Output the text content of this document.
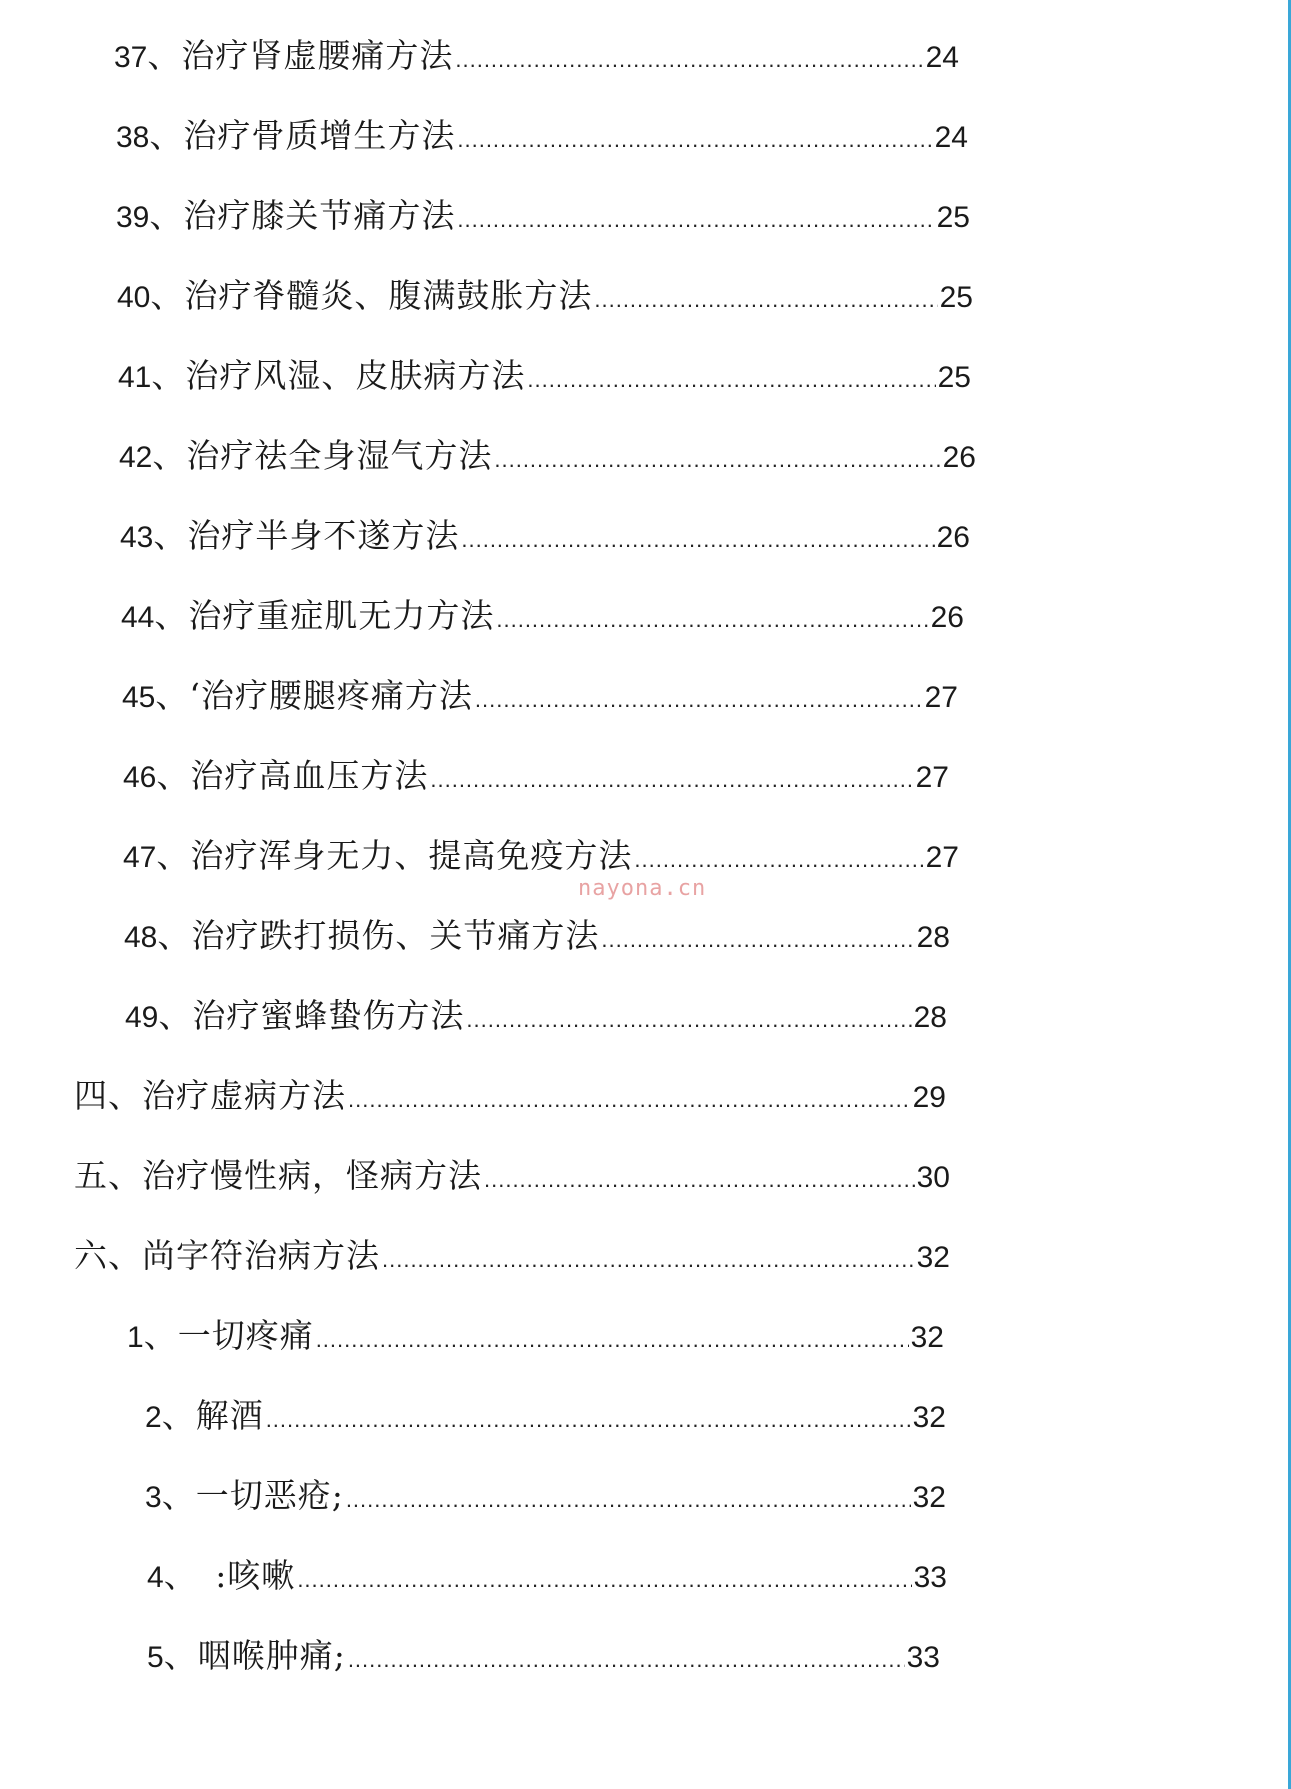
37 、治疗肾虚腰痛方法 .....	24
38 、治疗骨质增生方法 .....	24
39 、治疗膝关节痛方法 .....	25
40 、治疗脊髓炎、腹满鼓胀方法 .....	25
41 、治疗风湿、皮肤病方法 .....	25
42 、治疗祛全身湿气方法 .....	26
43 、治疗半身不遂方法 .....	26
44 、治疗重症肌无力方法 .....	26
45 、‘治疗腰腿疼痛方法 .....	27
46 、治疗高血压方法 .....	27
47 、治疗浑身无力、提高免疫方法 .....	27
48 、治疗跌打损伤、关节痛方法 .....	28
49 、治疗蜜蜂蛰伤方法 .....	28
四、治疗虚病方法 .....	29
五、治疗慢性病，怪病方法 .....	30
六、尚字符治病方法 .....	32
1 、一切疼痛 .....	32
2 、解酒 .....	32
3 、一切恶疮; .....	32
4 、　:咳嗽 .....	33
5 、咽喉肿痛; .....	33
nayona.cn
